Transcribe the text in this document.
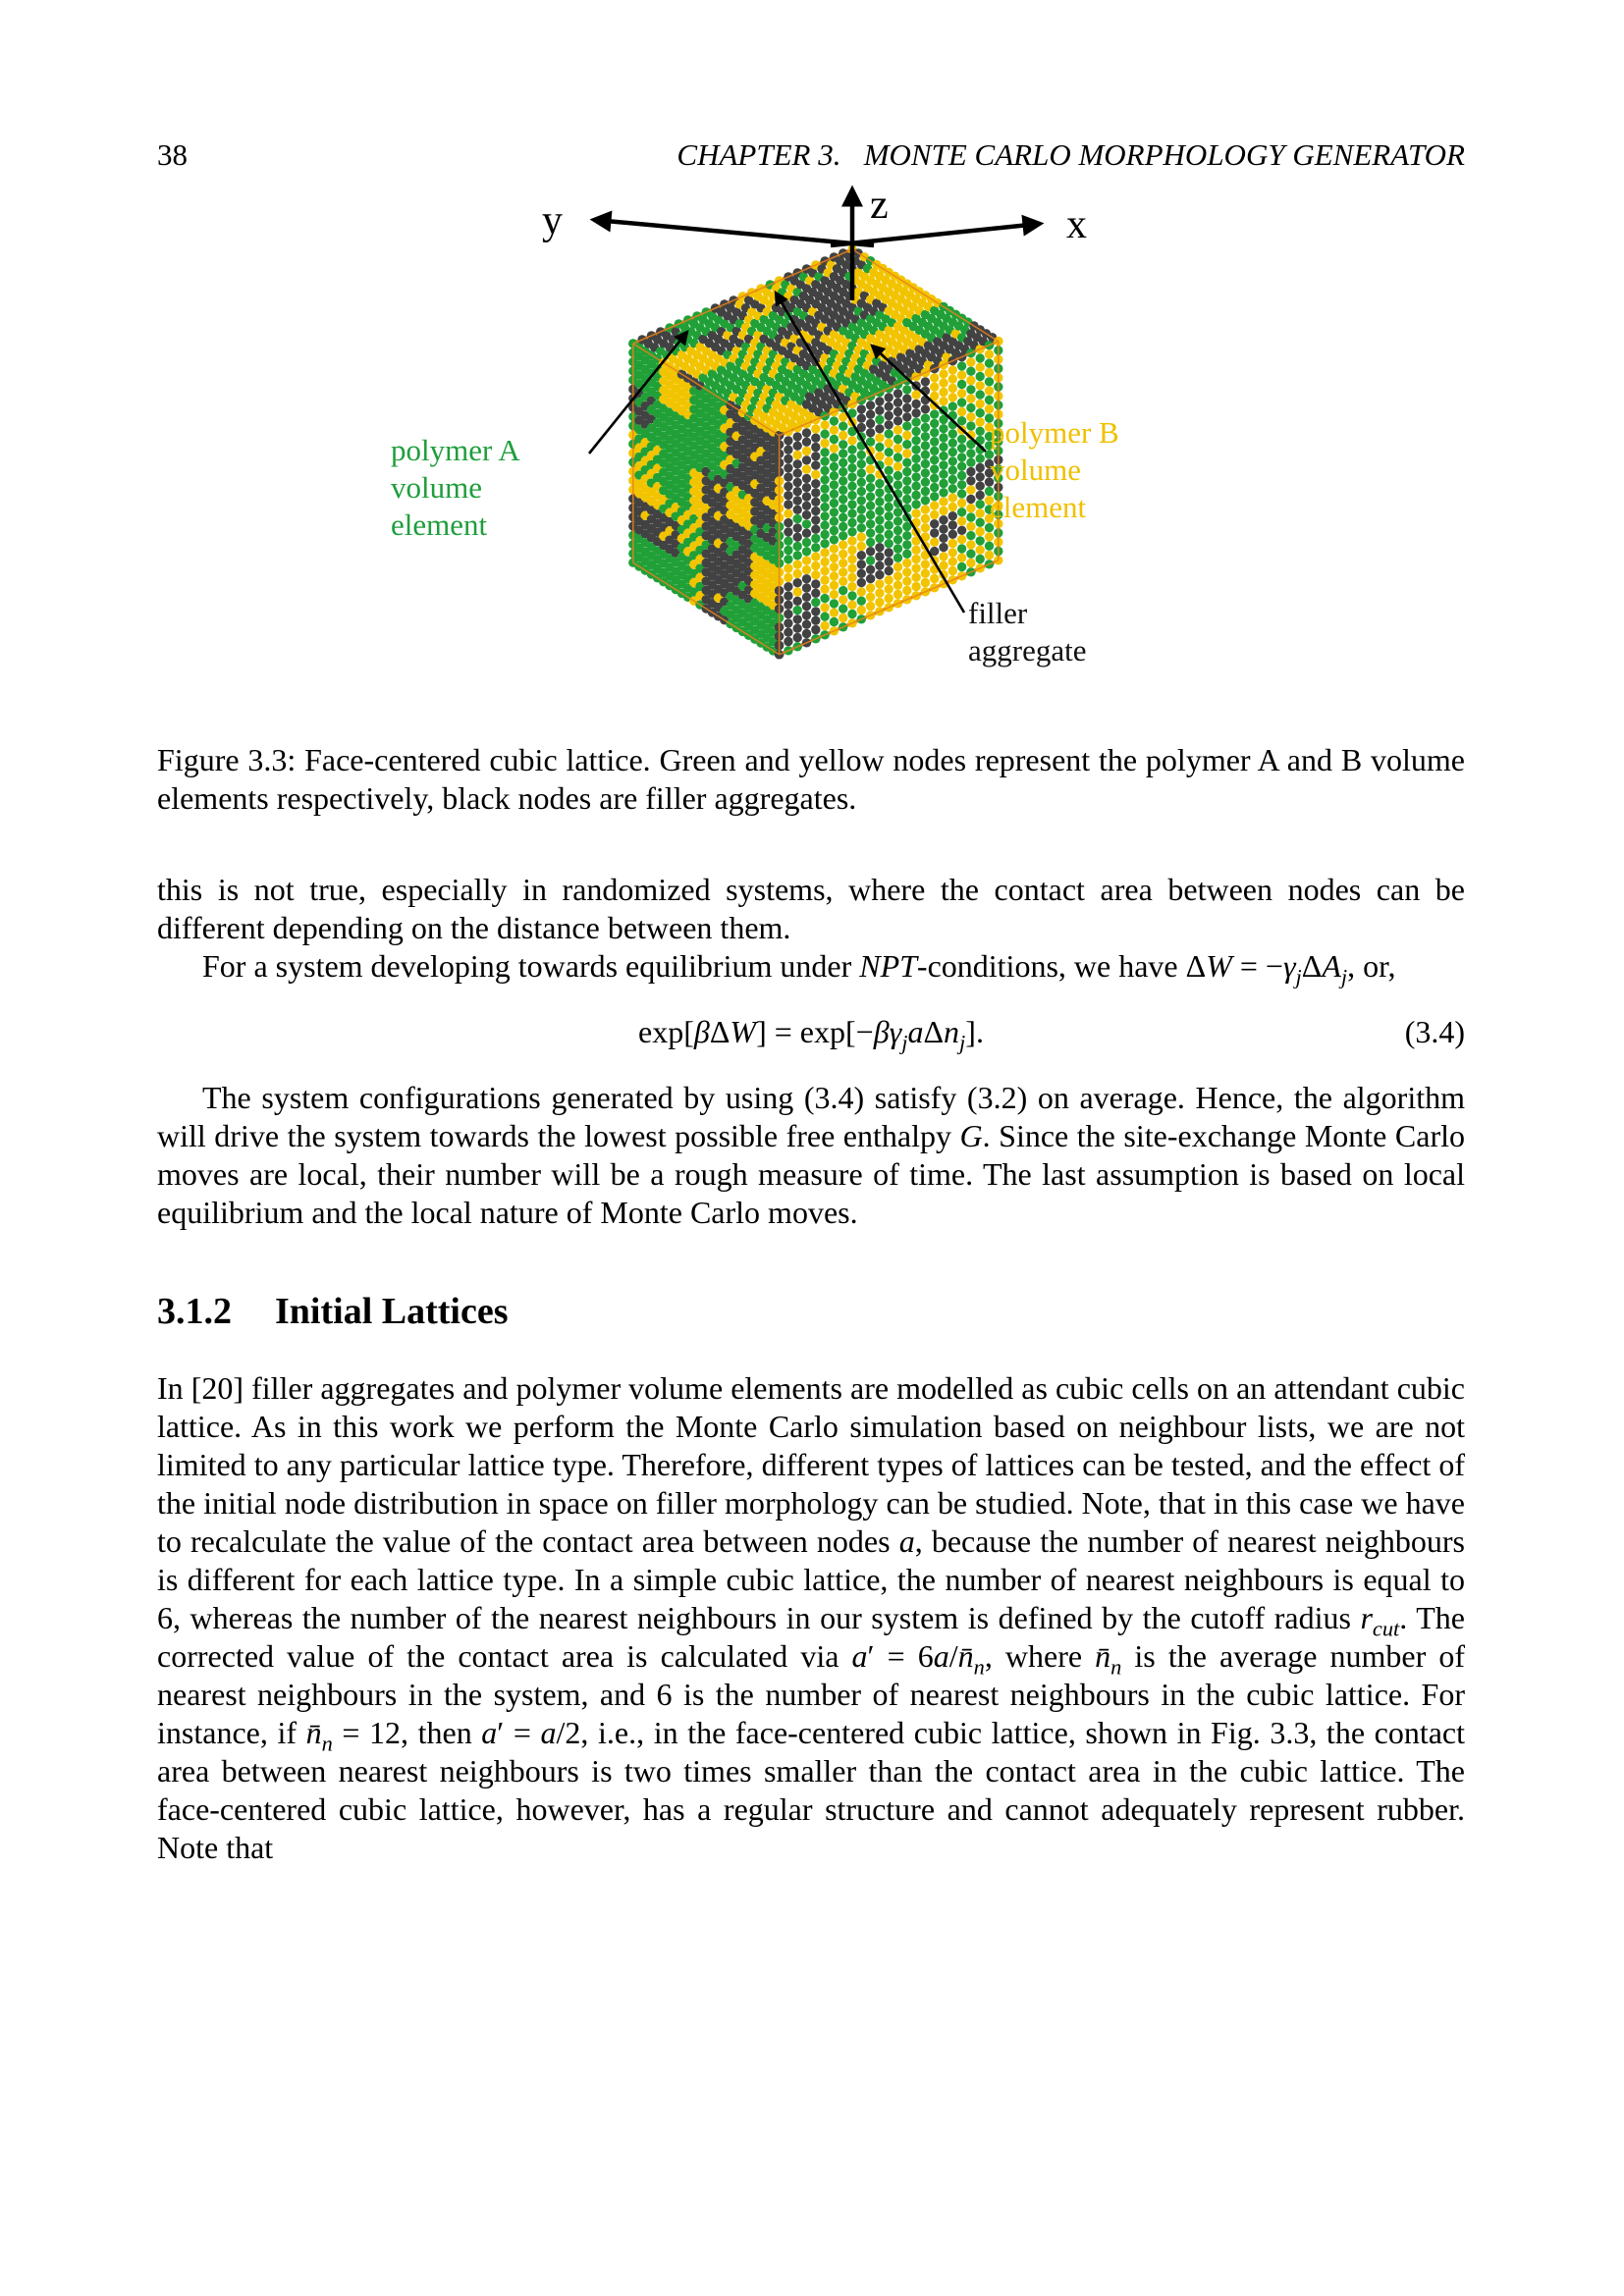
38	CHAPTER 3.   MONTE CARLO MORPHOLOGY GENERATOR
z
y	x
polymer A
volume
element
polymer B
volume
element
filler
aggregate

Figure 3.3: Face-centered cubic lattice. Green and yellow nodes represent the polymer A and B volume elements respectively, black nodes are filler aggregates.

this is not true, especially in randomized systems, where the contact area between nodes can be different depending on the distance between them.

For a system developing towards equilibrium under NPT-conditions, we have $\Delta W = -\gamma_j\Delta A_j$, or,

$\exp[\beta\Delta W] = \exp[-\beta\gamma_ja\Delta n_j]$.	(3.4)

The system configurations generated by using (3.4) satisfy (3.2) on average. Hence, the algorithm will drive the system towards the lowest possible free enthalpy G. Since the site-exchange Monte Carlo moves are local, their number will be a rough measure of time. The last assumption is based on local equilibrium and the local nature of Monte Carlo moves.

3.1.2 Initial Lattices

In [20] filler aggregates and polymer volume elements are modelled as cubic cells on an attendant cubic lattice. As in this work we perform the Monte Carlo simulation based on neighbour lists, we are not limited to any particular lattice type. Therefore, different types of lattices can be tested, and the effect of the initial node distribution in space on filler morphology can be studied. Note, that in this case we have to recalculate the value of the contact area between nodes a, because the number of nearest neighbours is different for each lattice type. In a simple cubic lattice, the number of nearest neighbours is equal to 6, whereas the number of the nearest neighbours in our system is defined by the cutoff radius $r_{cut}$. The corrected value of the contact area is calculated via $a' = 6a/n̄_n$, where $n̄_n$ is the average number of nearest neighbours in the system, and 6 is the number of nearest neighbours in the cubic lattice. For instance, if $n̄_n = 12$, then a′ = a/2, i.e., in the face-centered cubic lattice, shown in Fig. 3.3, the contact area between nearest neighbours is two times smaller than the contact area in the cubic lattice. The face-centered cubic lattice, however, has a regular structure and cannot adequately represent rubber. Note that
